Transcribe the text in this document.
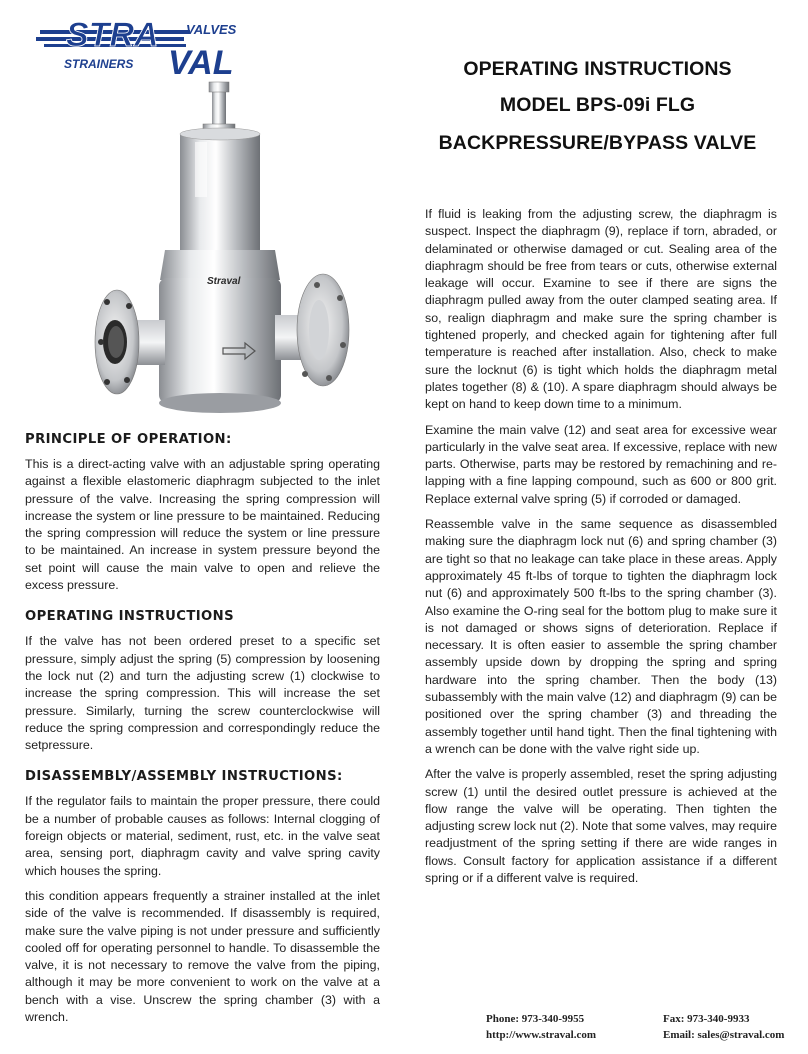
STRA VALVES
VAL
STRAINERS
Straval
OPERATING INSTRUCTIONS
MODEL BPS-09i FLG
BACKPRESSURE/BYPASS VALVE
PRINCIPLE OF OPERATION:

This is a direct-acting valve with an adjustable spring operating against a flexible elastomeric diaphragm subjected to the inlet pressure of the valve. Increasing the spring compression will increase the system or line pressure to be maintained. Reducing the spring compression will reduce the system or line pressure to be maintained. An increase in system pressure beyond the set point will cause the main valve to open and relieve the excess pressure.

OPERATING INSTRUCTIONS

If the valve has not been ordered preset to a specific set pressure, simply adjust the spring (5) compression by loosening the lock nut (2) and turn the adjusting screw (1) clockwise to increase the spring compression. This will increase the set pressure. Similarly, turning the screw counterclockwise will reduce the spring compression and correspondingly reduce the setpressure.

DISASSEMBLY/ASSEMBLY INSTRUCTIONS:

If the regulator fails to maintain the proper pressure, there could be a number of probable causes as follows: Internal clogging of foreign objects or material, sediment, rust, etc. in the valve seat area, sensing port, diaphragm cavity and valve spring cavity which houses the spring.

this condition appears frequently a strainer installed at the inlet side of the valve is recommended. If disassembly is required, make sure the valve piping is not under pressure and sufficiently cooled off for operating personnel to handle. To disassemble the valve, it is not necessary to remove the valve from the piping, although it may be more convenient to work on the valve at a bench with a vise. Unscrew the spring chamber (3) with a wrench.

If fluid is leaking from the adjusting screw, the diaphragm is suspect. Inspect the diaphragm (9), replace if torn, abraded, or delaminated or otherwise damaged or cut. Sealing area of the diaphragm should be free from tears or cuts, otherwise external leakage will occur. Examine to see if there are signs the diaphragm pulled away from the outer clamped seating area. If so, realign diaphragm and make sure the spring chamber is tightened properly, and checked again for tightening after full temperature is reached after installation. Also, check to make sure the locknut (6) is tight which holds the diaphragm metal plates together (8) & (10). A spare diaphragm should always be kept on hand to keep down time to a minimum.

Examine the main valve (12) and seat area for excessive wear particularly in the valve seat area. If excessive, replace with new parts. Otherwise, parts may be restored by remachining and re-lapping with a fine lapping compound, such as 600 or 800 grit. Replace external valve spring (5) if corroded or damaged.

Reassemble valve in the same sequence as disassembled making sure the diaphragm lock nut (6) and spring chamber (3) are tight so that no leakage can take place in these areas. Apply approximately 45 ft-lbs of torque to tighten the diaphragm lock nut (6) and approximately 500 ft-lbs to the spring chamber (3). Also examine the O-ring seal for the bottom plug to make sure it is not damaged or shows signs of deterioration. Replace if necessary. It is often easier to assemble the spring chamber assembly upside down by dropping the spring and spring hardware into the spring chamber. Then the body (13) subassembly with the main valve (12) and diaphragm (9) can be positioned over the spring chamber (3) and threading the assembly together until hand tight. Then the final tightening with a wrench can be done with the valve right side up.

After the valve is properly assembled, reset the spring adjusting screw (1) until the desired outlet pressure is achieved at the flow range the valve will be operating. Then tighten the adjusting screw lock nut (2). Note that some valves, may require readjustment of the spring setting if there are wide ranges in flows. Consult factory for application assistance if a different spring or if a different valve is required.

Phone: 973-340-9955	Fax: 973-340-9933
http://www.straval.com	Email: sales@straval.com
